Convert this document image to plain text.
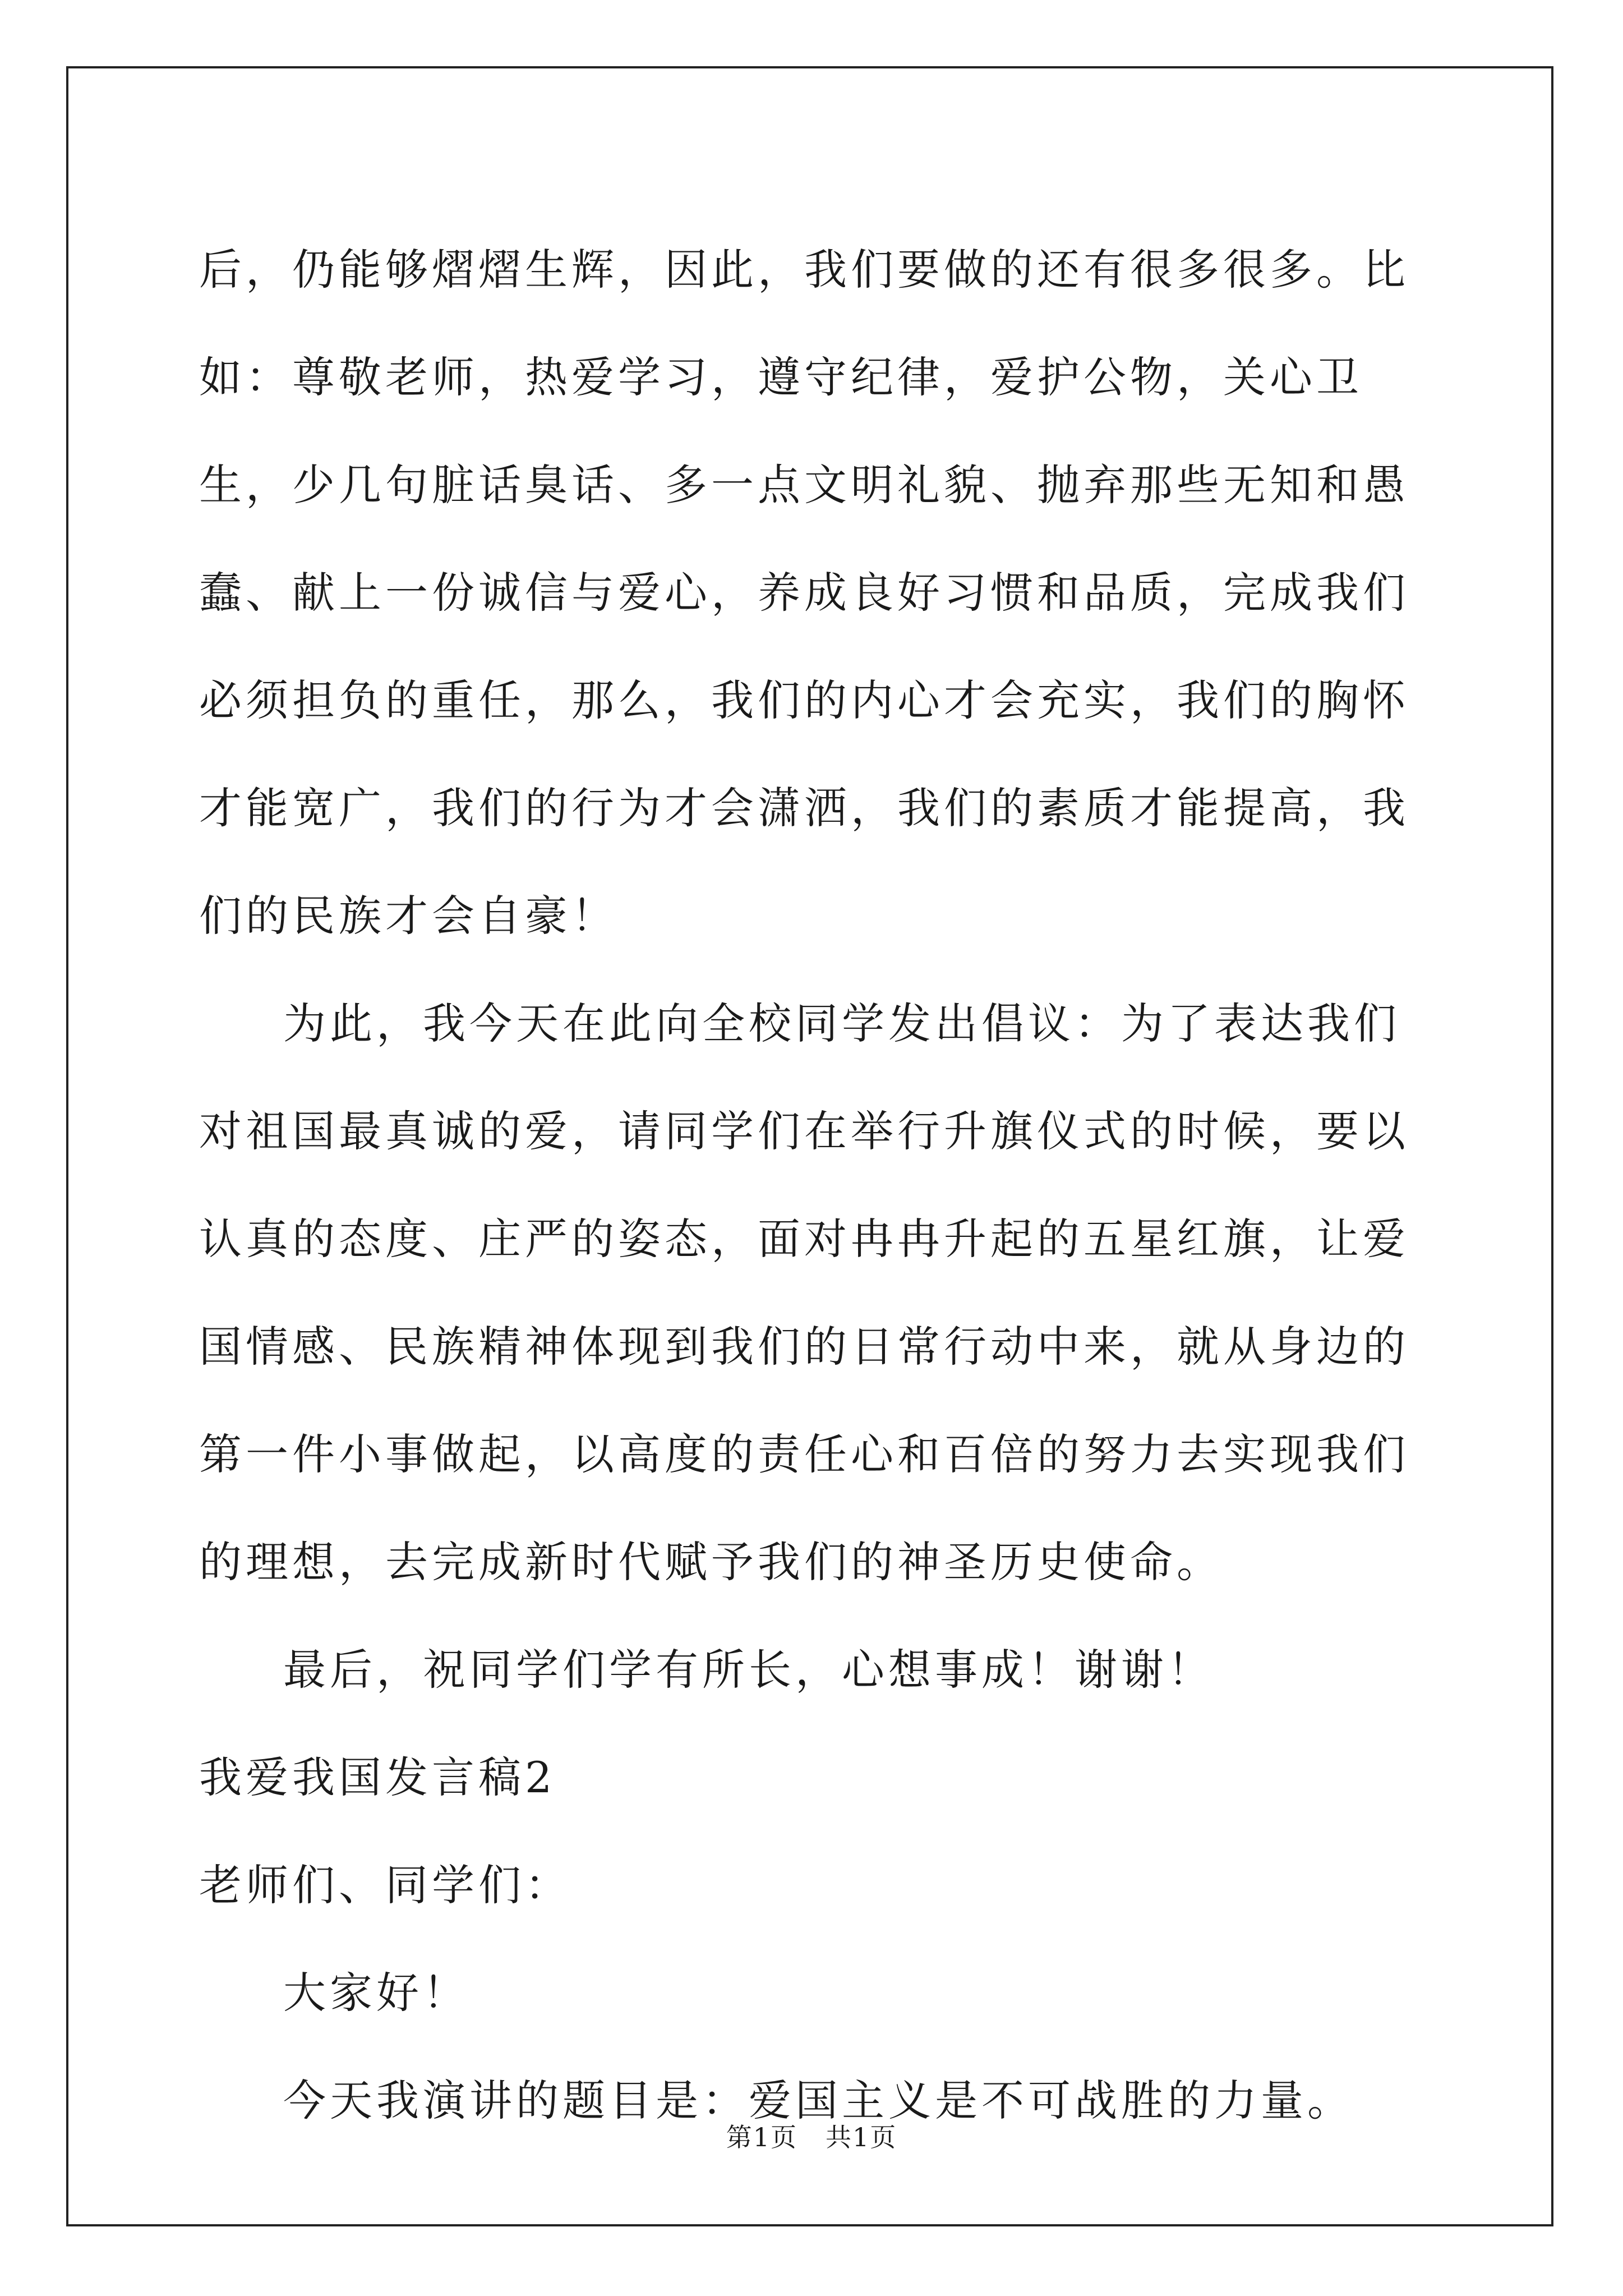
后，仍能够熠熠生辉，因此，我们要做的还有很多很多。比如：尊敬老师，热爱学习，遵守纪律，爱护公物，关心卫生，少几句脏话臭话、多一点文明礼貌、抛弃那些无知和愚蠢、献上一份诚信与爱心，养成良好习惯和品质，完成我们必须担负的重任，那么，我们的内心才会充实，我们的胸怀才能宽广，我们的行为才会潇洒，我们的素质才能提高，我们的民族才会自豪！

为此，我今天在此向全校同学发出倡议：为了表达我们对祖国最真诚的爱，请同学们在举行升旗仪式的时候，要以认真的态度、庄严的姿态，面对冉冉升起的五星红旗，让爱国情感、民族精神体现到我们的日常行动中来，就从身边的第一件小事做起，以高度的责任心和百倍的努力去实现我们的理想，去完成新时代赋予我们的神圣历史使命。

最后，祝同学们学有所长，心想事成！谢谢！

我爱我国发言稿2

老师们、同学们：

大家好！

今天我演讲的题目是：爱国主义是不可战胜的力量。

第1页 共1页
